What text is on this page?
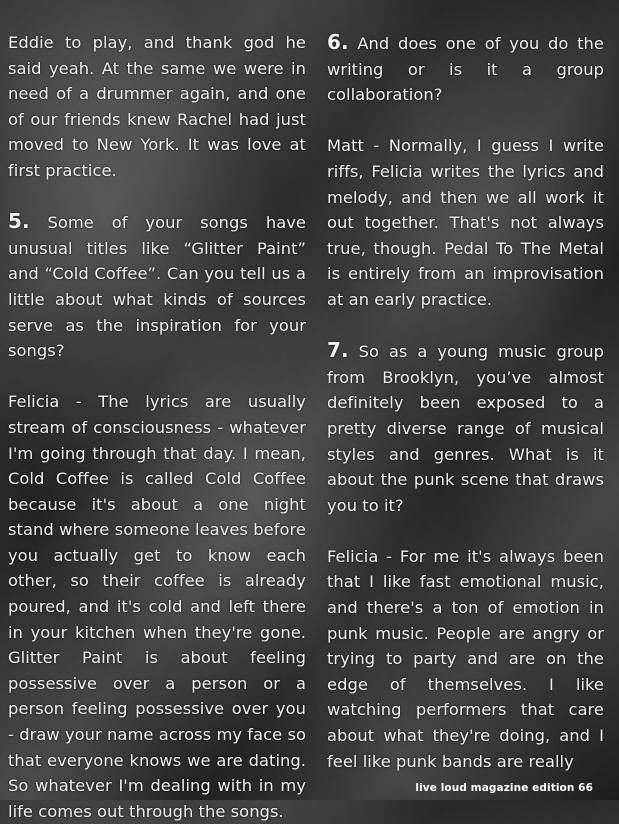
Eddie to play, and thank god he said yeah. At the same we were in need of a drummer again, and one of our friends knew Rachel had just moved to New York. It was love at first practice.

5. Some of your songs have unusual titles like “Glitter Paint” and “Cold Coffee”. Can you tell us a little about what kinds of sources serve as the inspiration for your songs?

Felicia - The lyrics are usually stream of consciousness - whatever I'm going through that day. I mean, Cold Coffee is called Cold Coffee because it's about a one night stand where someone leaves before you actually get to know each other, so their coffee is already poured, and it's cold and left there in your kitchen when they're gone. Glitter Paint is about feeling possessive over a person or a person feeling possessive over you - draw your name across my face so that everyone knows we are dating. So whatever I'm dealing with in my life comes out through the songs.

6. And does one of you do the writing or is it a group collaboration?

Matt - Normally, I guess I write riffs, Felicia writes the lyrics and melody, and then we all work it out together. That's not always true, though. Pedal To The Metal is entirely from an improvisation at an early practice.

7. So as a young music group from Brooklyn, you’ve almost definitely been exposed to a pretty diverse range of musical styles and genres. What is it about the punk scene that draws you to it?

Felicia - For me it's always been that I like fast emotional music, and there's a ton of emotion in punk music. People are angry or trying to party and are on the edge of themselves. I like watching performers that care about what they're doing, and I feel like punk bands are really

live loud magazine edition 66
